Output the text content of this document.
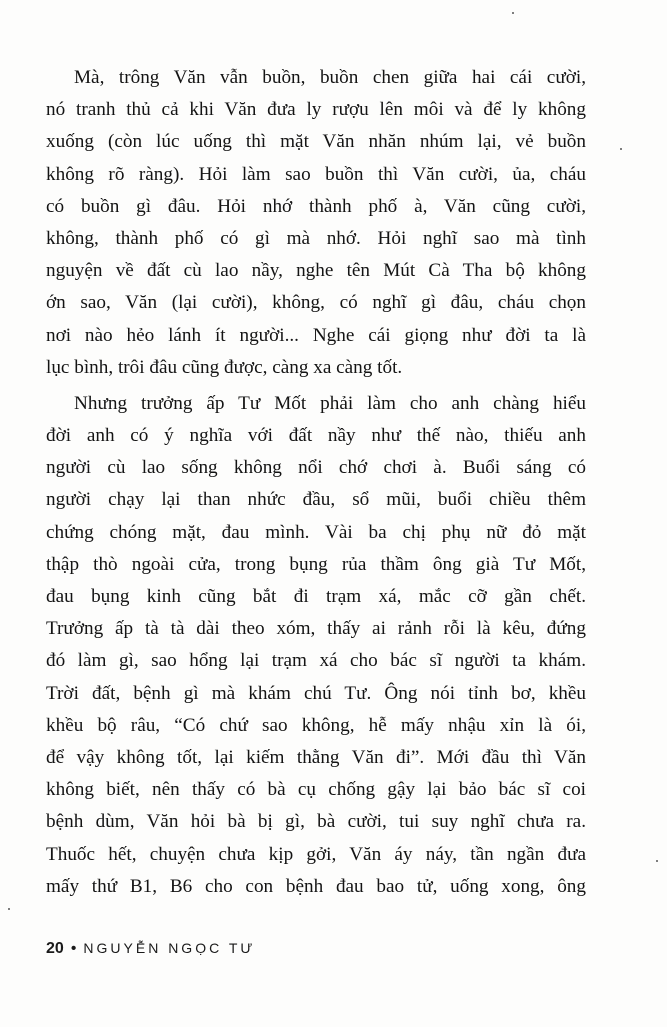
Mà, trông Văn vẫn buồn, buồn chen giữa hai cái cười,
nó tranh thủ cả khi Văn đưa ly rượu lên môi và để ly không
xuống (còn lúc uống thì mặt Văn nhăn nhúm lại, vẻ buồn
không rõ ràng). Hỏi làm sao buồn thì Văn cười, ủa, cháu
có buồn gì đâu. Hỏi nhớ thành phố à, Văn cũng cười,
không, thành phố có gì mà nhớ. Hỏi nghĩ sao mà tình
nguyện về đất cù lao nầy, nghe tên Mút Cà Tha bộ không
ớn sao, Văn (lại cười), không, có nghĩ gì đâu, cháu chọn
nơi nào hẻo lánh ít người... Nghe cái giọng như đời ta là
lục bình, trôi đâu cũng được, càng xa càng tốt.
Nhưng trưởng ấp Tư Mốt phải làm cho anh chàng hiểu
đời anh có ý nghĩa với đất nầy như thế nào, thiếu anh
người cù lao sống không nổi chớ chơi à. Buổi sáng có
người chạy lại than nhức đầu, sổ mũi, buổi chiều thêm
chứng chóng mặt, đau mình. Vài ba chị phụ nữ đỏ mặt
thập thò ngoài cửa, trong bụng rủa thầm ông già Tư Mốt,
đau bụng kinh cũng bắt đi trạm xá, mắc cỡ gần chết.
Trưởng ấp tà tà dài theo xóm, thấy ai rảnh rỗi là kêu, đứng
đó làm gì, sao hổng lại trạm xá cho bác sĩ người ta khám.
Trời đất, bệnh gì mà khám chú Tư. Ông nói tỉnh bơ, khều
khều bộ râu, “Có chứ sao không, hễ mấy nhậu xỉn là ói,
để vậy không tốt, lại kiếm thằng Văn đi”. Mới đầu thì Văn
không biết, nên thấy có bà cụ chống gậy lại bảo bác sĩ coi
bệnh dùm, Văn hỏi bà bị gì, bà cười, tui suy nghĩ chưa ra.
Thuốc hết, chuyện chưa kịp gởi, Văn áy náy, tần ngần đưa
mấy thứ B1, B6 cho con bệnh đau bao tử, uống xong, ông
20 • NGUYỄN NGỌC TƯ
